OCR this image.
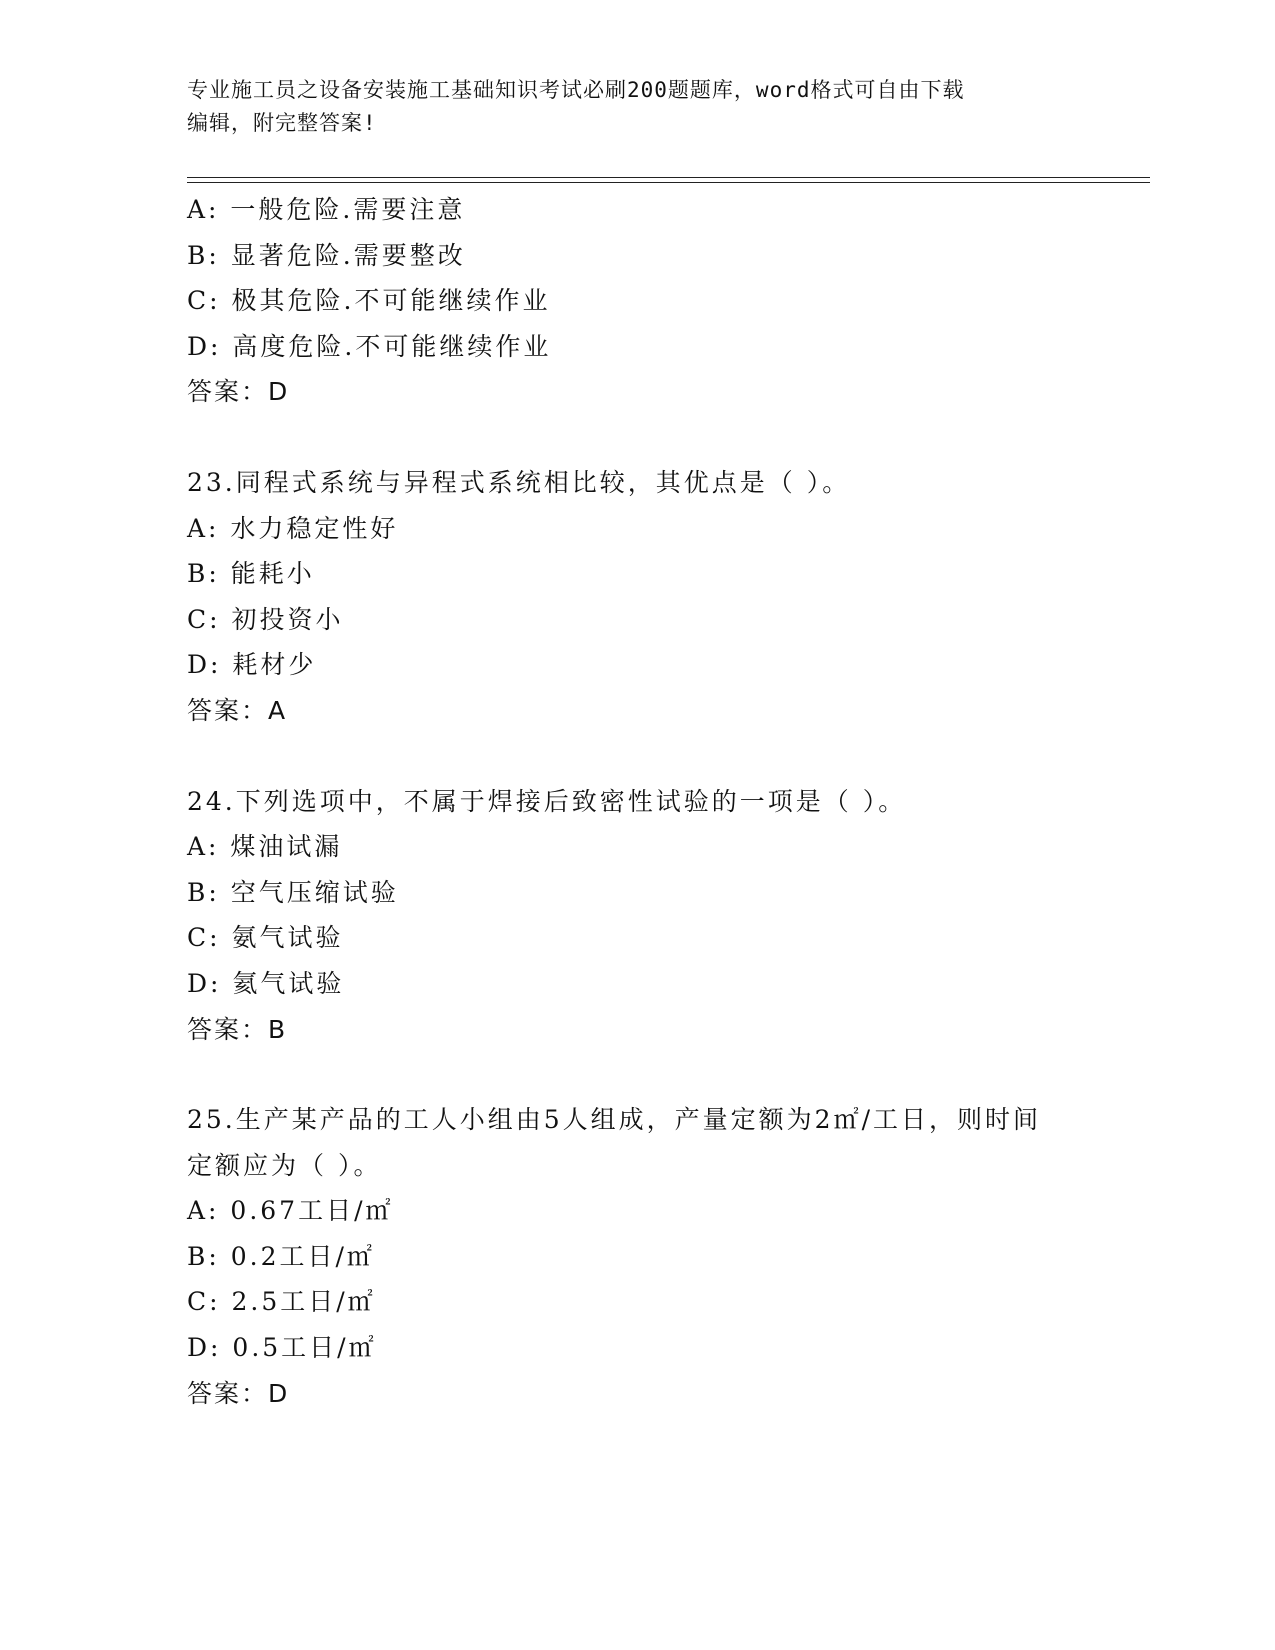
专业施工员之设备安装施工基础知识考试必刷200题题库，word格式可自由下载
编辑，附完整答案!
A: 一般危险.需要注意
B: 显著危险.需要整改
C: 极其危险.不可能继续作业
D: 高度危险.不可能继续作业
答案：D
23.同程式系统与异程式系统相比较，其优点是（ ）。
A: 水力稳定性好
B: 能耗小
C: 初投资小
D: 耗材少
答案：A
24.下列选项中，不属于焊接后致密性试验的一项是（ ）。
A: 煤油试漏
B: 空气压缩试验
C: 氨气试验
D: 氦气试验
答案：B
25.生产某产品的工人小组由5人组成，产量定额为2㎡/工日，则时间
定额应为（ ）。
A: 0.67工日/㎡
B: 0.2工日/㎡
C: 2.5工日/㎡
D: 0.5工日/㎡
答案：D
